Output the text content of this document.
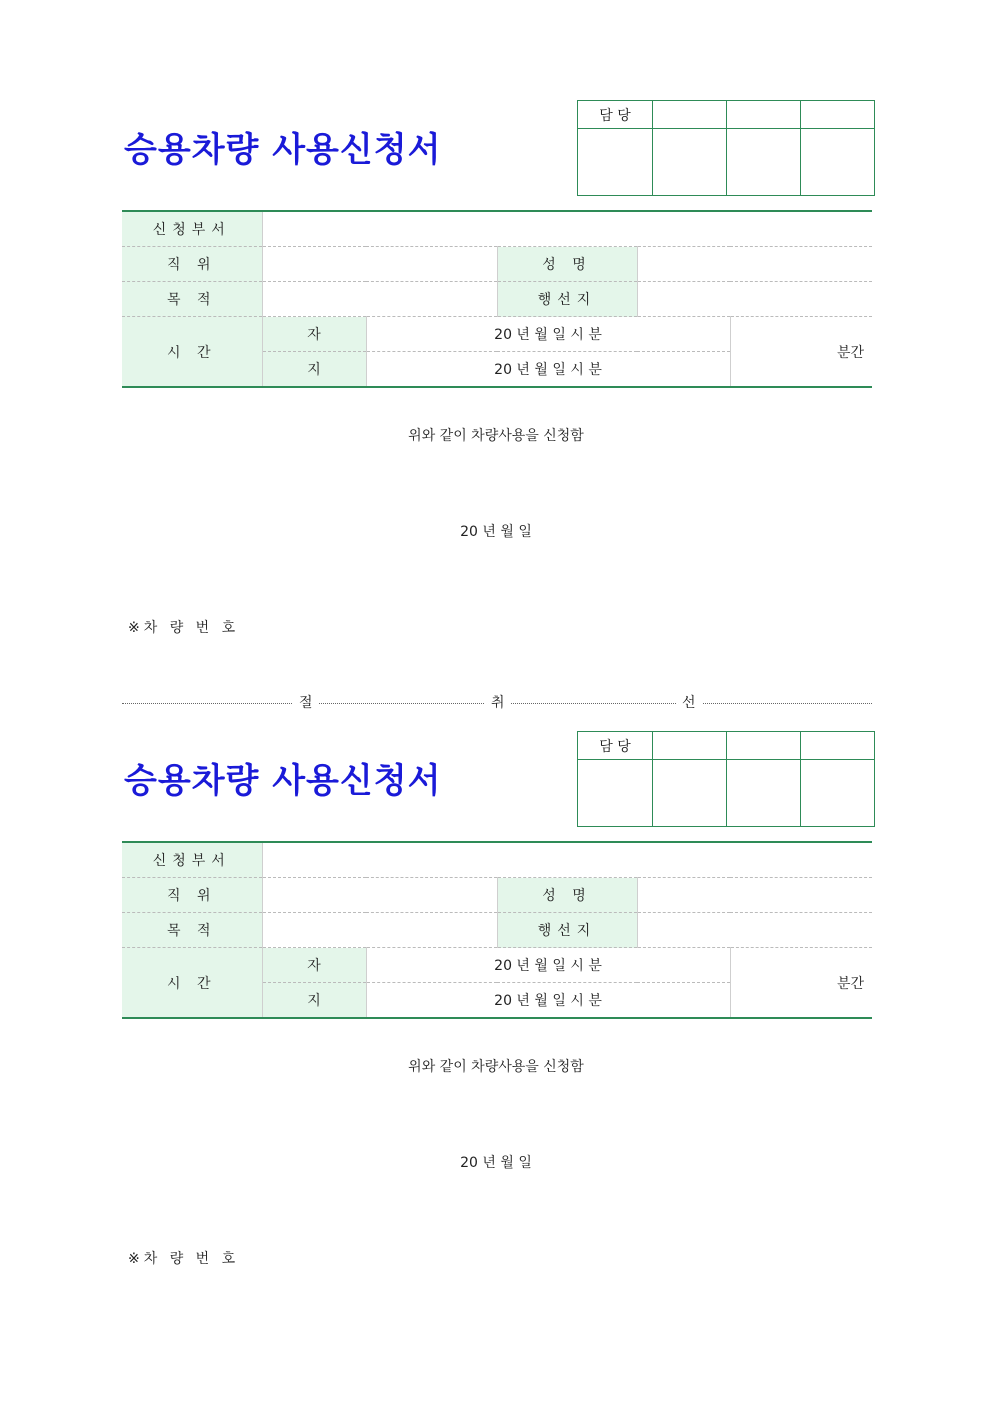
승용차량 사용신청서
담 당			

신청부서					
직 위			성 명		
목 적			행선지		
시 간	자	20 년 월 일 시 분			분간
	지	20 년 월 일 시 분			
위와 같이 차량사용을 신청함
20 년 월 일
※차 량 번 호
절	취	선
승용차량 사용신청서
담 당			

신청부서					
직 위			성 명		
목 적			행선지		
시 간	자	20 년 월 일 시 분			분간
	지	20 년 월 일 시 분			
위와 같이 차량사용을 신청함
20 년 월 일
※차 량 번 호
